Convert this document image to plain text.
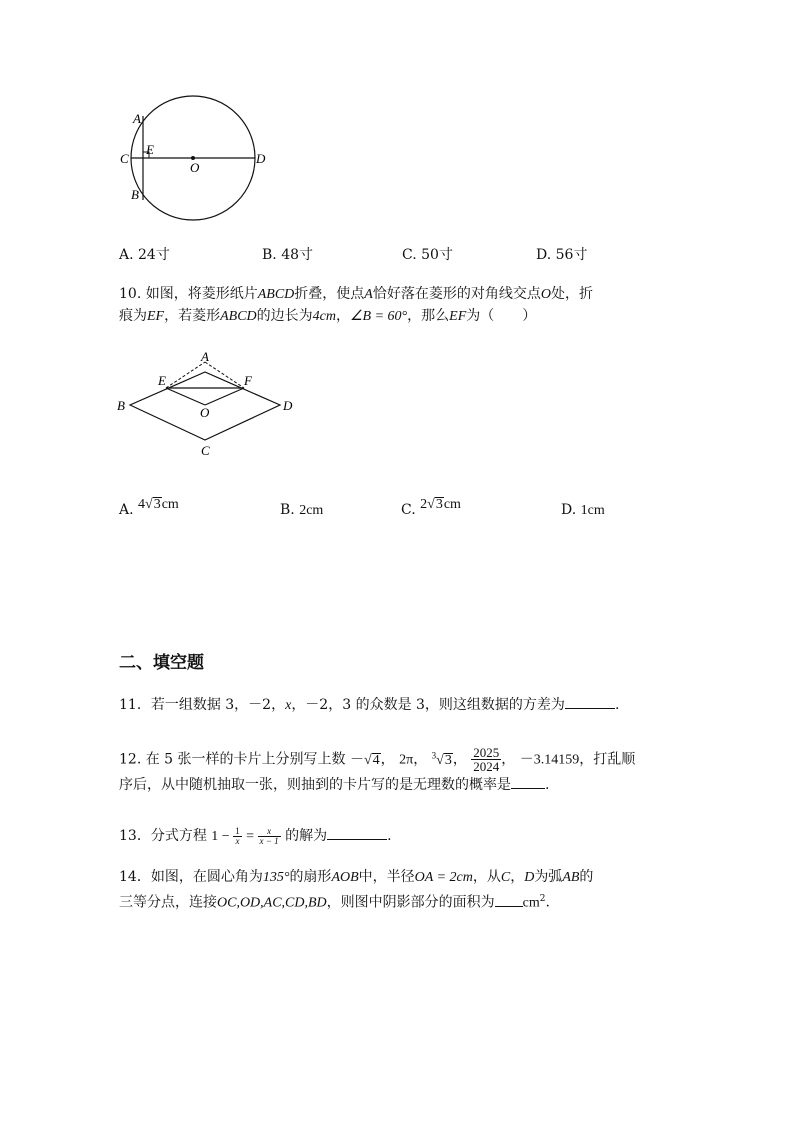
A
C
E
B
O
D
A. 24寸	B. 48寸	C. 50寸	D. 56寸
10. 如图，将菱形纸片ABCD折叠，使点A恰好落在菱形的对角线交点O处，折
痕为EF，若菱形ABCD的边长为4cm，∠B = 60°，那么EF为（　　）
A
E	F
B	O	D
C
A. 4√3cm	B. 2cm	C. 2√3cm	D. 1cm
二、填空题
11．若一组数据 3，－2，x，－2，3 的众数是 3，则这组数据的方差为	.
12. 在 5 张一样的卡片上分别写上数 －√4， 2π， $^3$√3， $\frac{2025}{2024}$ ， －3.14159，打乱顺
序后，从中随机抽取一张，则抽到的卡片写的是无理数的概率是 .
13．分式方程 $1 - \frac{1}{x} = \frac{x}{x - 1}$ 的解为	.
14．如图，在圆心角为135°的扇形AOB中，半径OA = 2cm，从C，D为弧AB的
三等分点，连接OC,OD,AC,CD,BD，则图中阴影部分的面积为 $cm^2$.
